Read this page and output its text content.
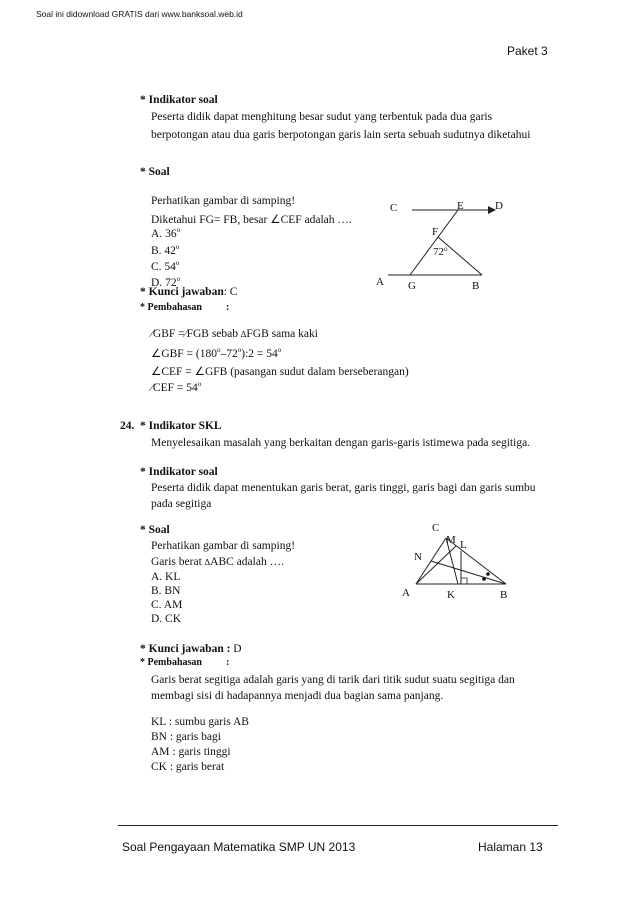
Soal ini didownload GRATIS dari www.banksoal.web.id
Paket 3
* Indikator soal
Peserta didik dapat menghitung besar sudut yang terbentuk pada dua garis berpotongan atau dua garis berpotongan garis lain serta sebuah sudutnya diketahui
* Soal
Perhatikan gambar di samping!
Diketahui FG= FB, besar ∠CEF adalah ….
A. 36$^o$
B. 42$^o$
C. 54$^o$
D. 72$^o$
* Kunci jawaban: C
* Pembahasan :
∕GBF =∕FGB sebab ∆FGB sama kaki
∠GBF = $(180^o-72^o):2 = 54^o$
∠CEF = ∠GFB (pasangan sudut dalam berseberangan)
∕CEF = $54^o$
C	E	D
F
72$^o$
A G	B
24. * Indikator SKL
Menyelesaikan masalah yang berkaitan dengan garis-garis istimewa pada segitiga.
* Indikator soal
Peserta didik dapat menentukan garis berat, garis tinggi, garis bagi dan garis sumbu pada segitiga
* Soal
Perhatikan gambar di samping!
Garis berat ∆ABC adalah ….
A. KL
B. BN
C. AM
D. CK
* Kunci jawaban : D
* Pembahasan :
Garis berat segitiga adalah garis yang di tarik dari titik sudut suatu segitiga dan membagi sisi di hadapannya menjadi dua bagian sama panjang.
KL : sumbu garis AB
BN : garis bagi
AM : garis tinggi
CK : garis berat
C
M L
N
A	K	B
Soal Pengayaan Matematika SMP UN 2013	Halaman 13
